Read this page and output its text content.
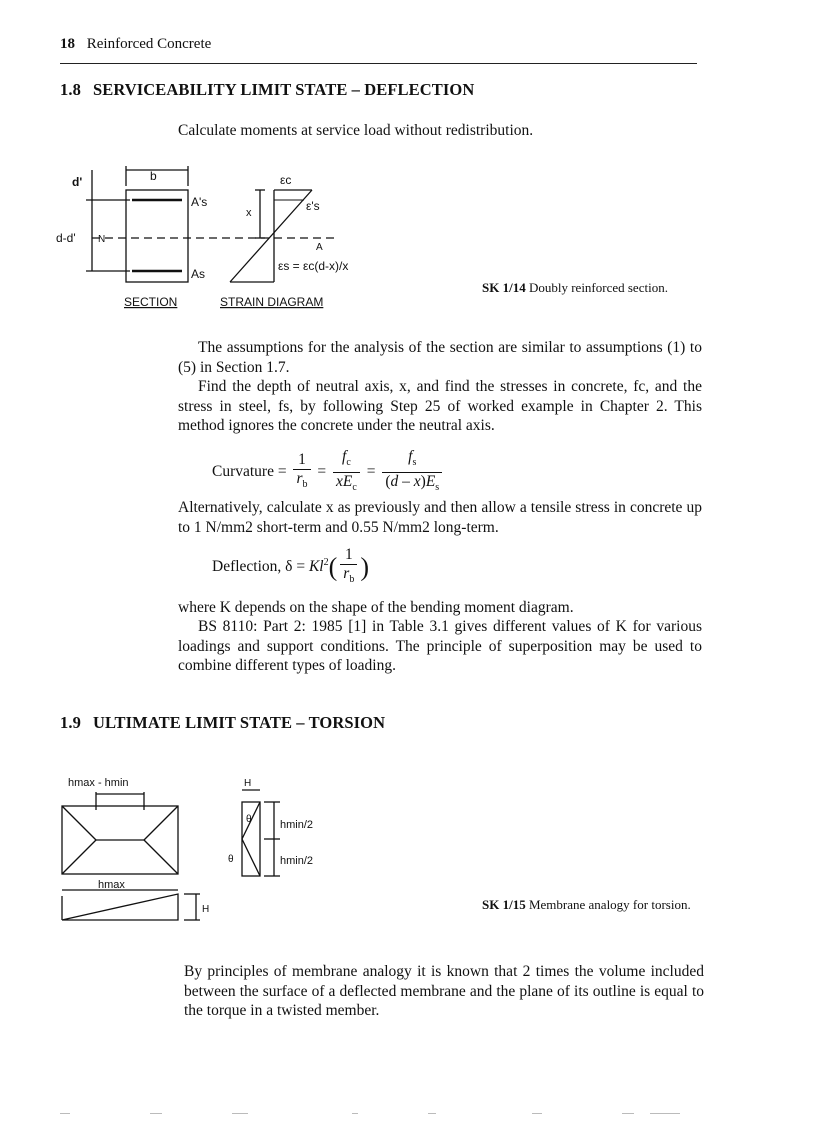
18 Reinforced Concrete
1.8 SERVICEABILITY LIMIT STATE – DEFLECTION
Calculate moments at service load without redistribution.
d'	b
d-d' N
A's
As
x
εc
ε's
A
εs = εc(d-x)/x
SECTION	STRAIN DIAGRAM
SK 1/14 Doubly reinforced section.
The assumptions for the analysis of the section are similar to assumptions (1) to (5) in Section 1.7.
Find the depth of neutral axis, x, and find the stresses in concrete, fc, and the stress in steel, fs, by following Step 25 of worked example in Chapter 2. This method ignores the concrete under the neutral axis.
Curvature = $\frac{1}{r_b} = \frac{f_c}{xE_c} = \frac{f_s}{(d - x)E_s}$
Alternatively, calculate x as previously and then allow a tensile stress in concrete up to 1 N/mm2 short-term and 0.55 N/mm2 long-term.
Deflection, $\delta = Kl^2( \frac{1}{r_b}$ )
where K depends on the shape of the bending moment diagram.
BS 8110: Part 2: 1985 [1] in Table 3.1 gives different values of K for various loadings and support conditions. The principle of superposition may be used to combine different types of loading.
1.9 ULTIMATE LIMIT STATE – TORSION
hmax - hmin
hmax
H
θ
θ
hmin/2
hmin/2
H	SK 1/15 Membrane analogy for torsion.
By principles of membrane analogy it is known that 2 times the volume included between the surface of a deflected membrane and the plane of its outline is equal to the torque in a twisted member.
